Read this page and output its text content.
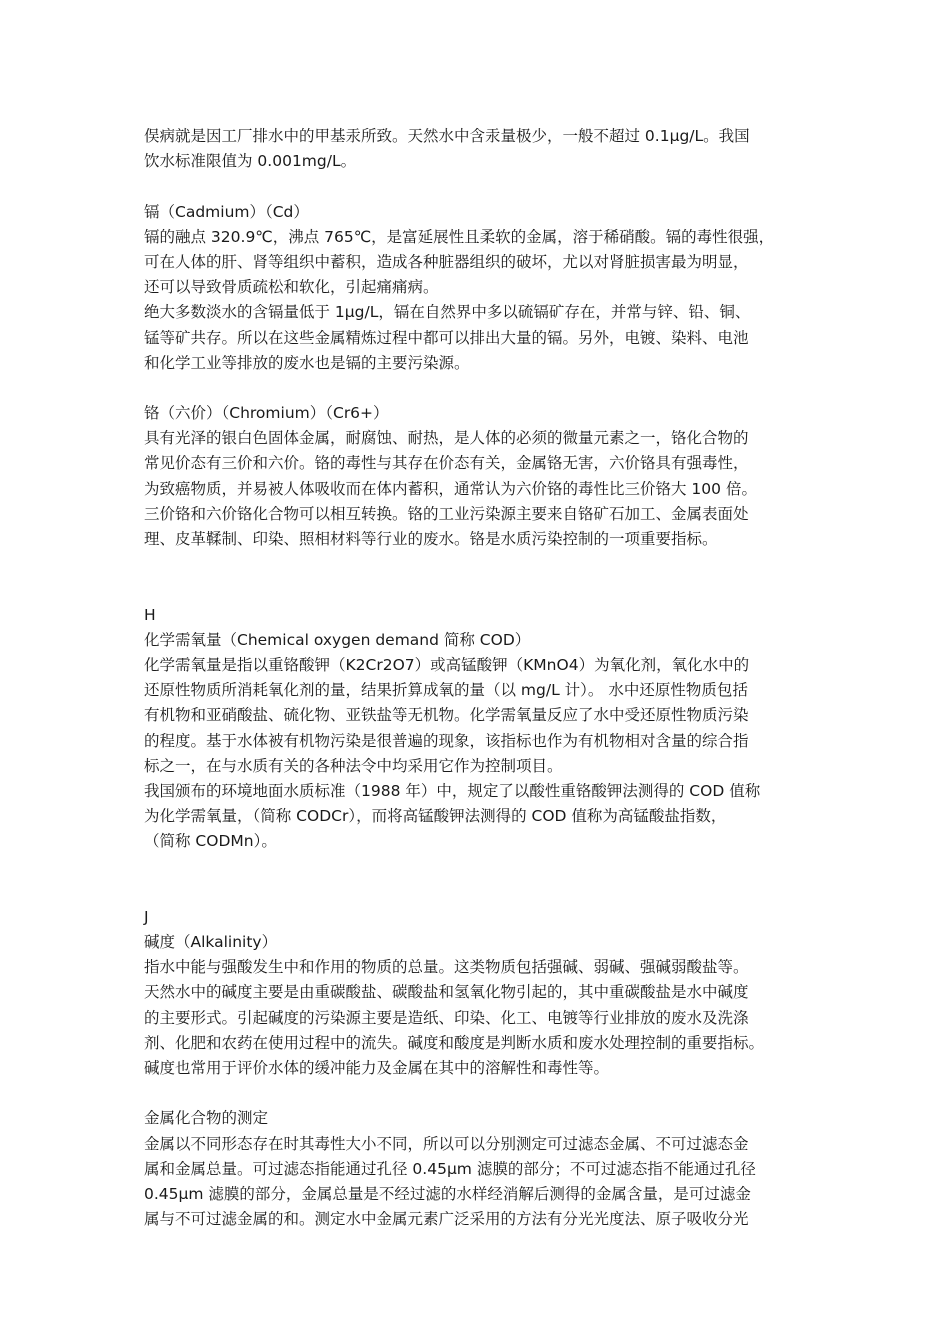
俣病就是因工厂排水中的甲基汞所致。天然水中含汞量极少，一般不超过 0.1μg/L。我国
饮水标准限值为 0.001mg/L。
镉（Cadmium）（Cd）
镉的融点 320.9℃，沸点 765℃，是富延展性且柔软的金属，溶于稀硝酸。镉的毒性很强，
可在人体的肝、肾等组织中蓄积，造成各种脏器组织的破坏，尤以对肾脏损害最为明显，
还可以导致骨质疏松和软化，引起痛痛病。
绝大多数淡水的含镉量低于 1μg/L，镉在自然界中多以硫镉矿存在，并常与锌、铅、铜、
锰等矿共存。所以在这些金属精炼过程中都可以排出大量的镉。另外，电镀、染料、电池
和化学工业等排放的废水也是镉的主要污染源。
铬（六价）（Chromium）（Cr6+）
具有光泽的银白色固体金属，耐腐蚀、耐热，是人体的必须的微量元素之一，铬化合物的
常见价态有三价和六价。铬的毒性与其存在价态有关，金属铬无害，六价铬具有强毒性，
为致癌物质，并易被人体吸收而在体内蓄积，通常认为六价铬的毒性比三价铬大 100 倍。
三价铬和六价铬化合物可以相互转换。铬的工业污染源主要来自铬矿石加工、金属表面处
理、皮革鞣制、印染、照相材料等行业的废水。铬是水质污染控制的一项重要指标。
H
化学需氧量（Chemical oxygen demand 简称 COD）
化学需氧量是指以重铬酸钾（K2Cr2O7）或高锰酸钾（KMnO4）为氧化剂，氧化水中的
还原性物质所消耗氧化剂的量，结果折算成氧的量（以 mg/L 计）。 水中还原性物质包括
有机物和亚硝酸盐、硫化物、亚铁盐等无机物。化学需氧量反应了水中受还原性物质污染
的程度。基于水体被有机物污染是很普遍的现象，该指标也作为有机物相对含量的综合指
标之一，在与水质有关的各种法令中均采用它作为控制项目。
我国颁布的环境地面水质标准（1988 年）中，规定了以酸性重铬酸钾法测得的 COD 值称
为化学需氧量，（简称 CODCr），而将高锰酸钾法测得的 COD 值称为高锰酸盐指数，
（简称 CODMn）。
J
碱度（Alkalinity）
指水中能与强酸发生中和作用的物质的总量。这类物质包括强碱、弱碱、强碱弱酸盐等。
天然水中的碱度主要是由重碳酸盐、碳酸盐和氢氧化物引起的，其中重碳酸盐是水中碱度
的主要形式。引起碱度的污染源主要是造纸、印染、化工、电镀等行业排放的废水及洗涤
剂、化肥和农药在使用过程中的流失。碱度和酸度是判断水质和废水处理控制的重要指标。
碱度也常用于评价水体的缓冲能力及金属在其中的溶解性和毒性等。
金属化合物的测定
金属以不同形态存在时其毒性大小不同，所以可以分别测定可过滤态金属、不可过滤态金
属和金属总量。可过滤态指能通过孔径 0.45μm 滤膜的部分；不可过滤态指不能通过孔径
0.45μm 滤膜的部分，金属总量是不经过滤的水样经消解后测得的金属含量，是可过滤金
属与不可过滤金属的和。测定水中金属元素广泛采用的方法有分光光度法、原子吸收分光
